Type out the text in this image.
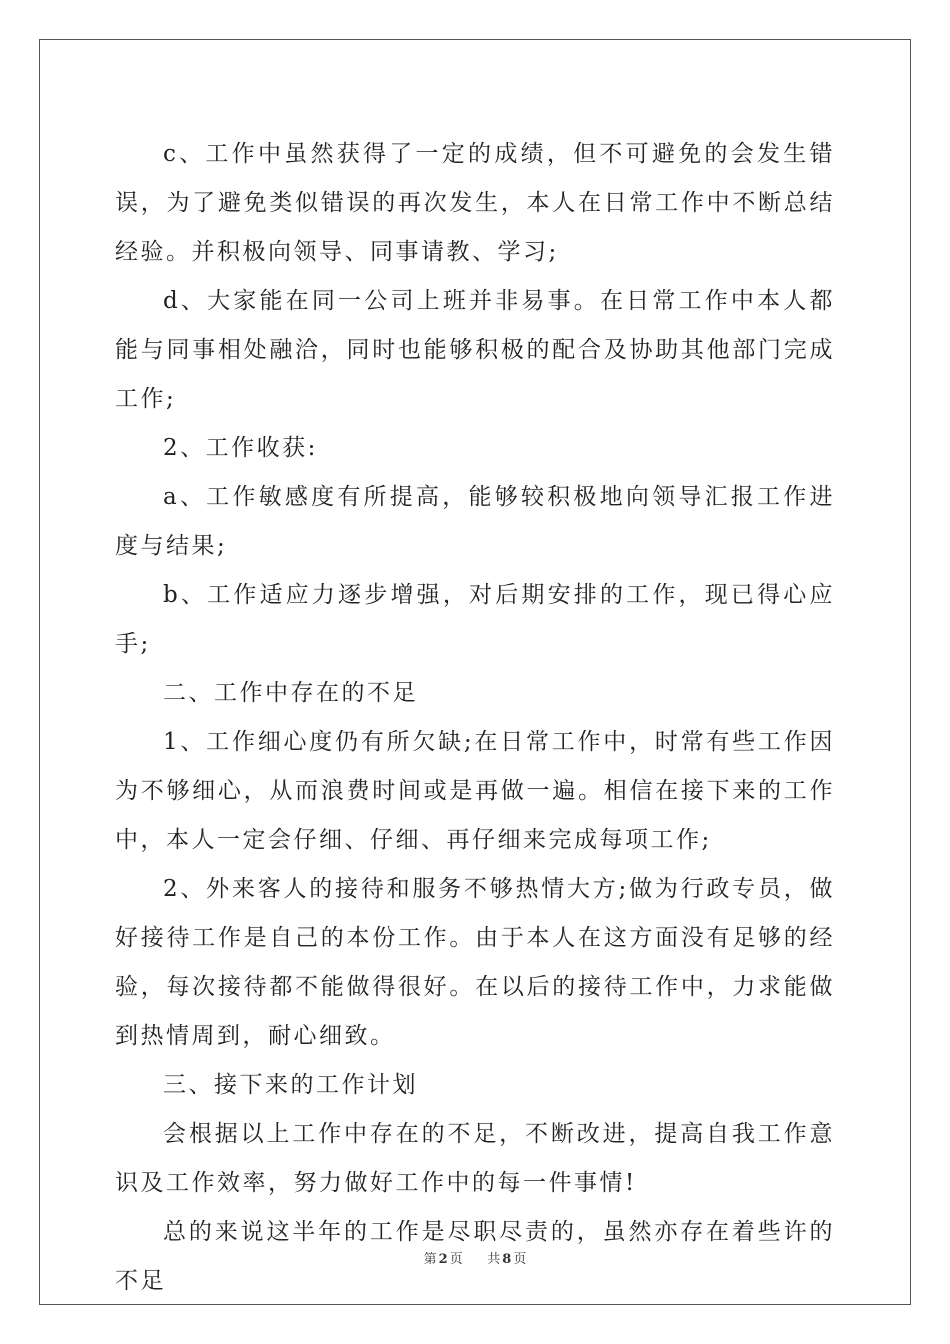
c、工作中虽然获得了一定的成绩，但不可避免的会发生错误，为了避免类似错误的再次发生，本人在日常工作中不断总结经验。并积极向领导、同事请教、学习;

d、大家能在同一公司上班并非易事。在日常工作中本人都能与同事相处融洽，同时也能够积极的配合及协助其他部门完成工作;

2、工作收获:

a、工作敏感度有所提高，能够较积极地向领导汇报工作进度与结果;

b、工作适应力逐步增强，对后期安排的工作，现已得心应手;

二、工作中存在的不足

1、工作细心度仍有所欠缺;在日常工作中，时常有些工作因为不够细心，从而浪费时间或是再做一遍。相信在接下来的工作中，本人一定会仔细、仔细、再仔细来完成每项工作;

2、外来客人的接待和服务不够热情大方;做为行政专员，做好接待工作是自己的本份工作。由于本人在这方面没有足够的经验，每次接待都不能做得很好。在以后的接待工作中，力求能做到热情周到，耐心细致。

三、接下来的工作计划

会根据以上工作中存在的不足，不断改进，提高自我工作意识及工作效率，努力做好工作中的每一件事情!

总的来说这半年的工作是尽职尽责的，虽然亦存在着些许的不足

第 2 页 共 8 页
